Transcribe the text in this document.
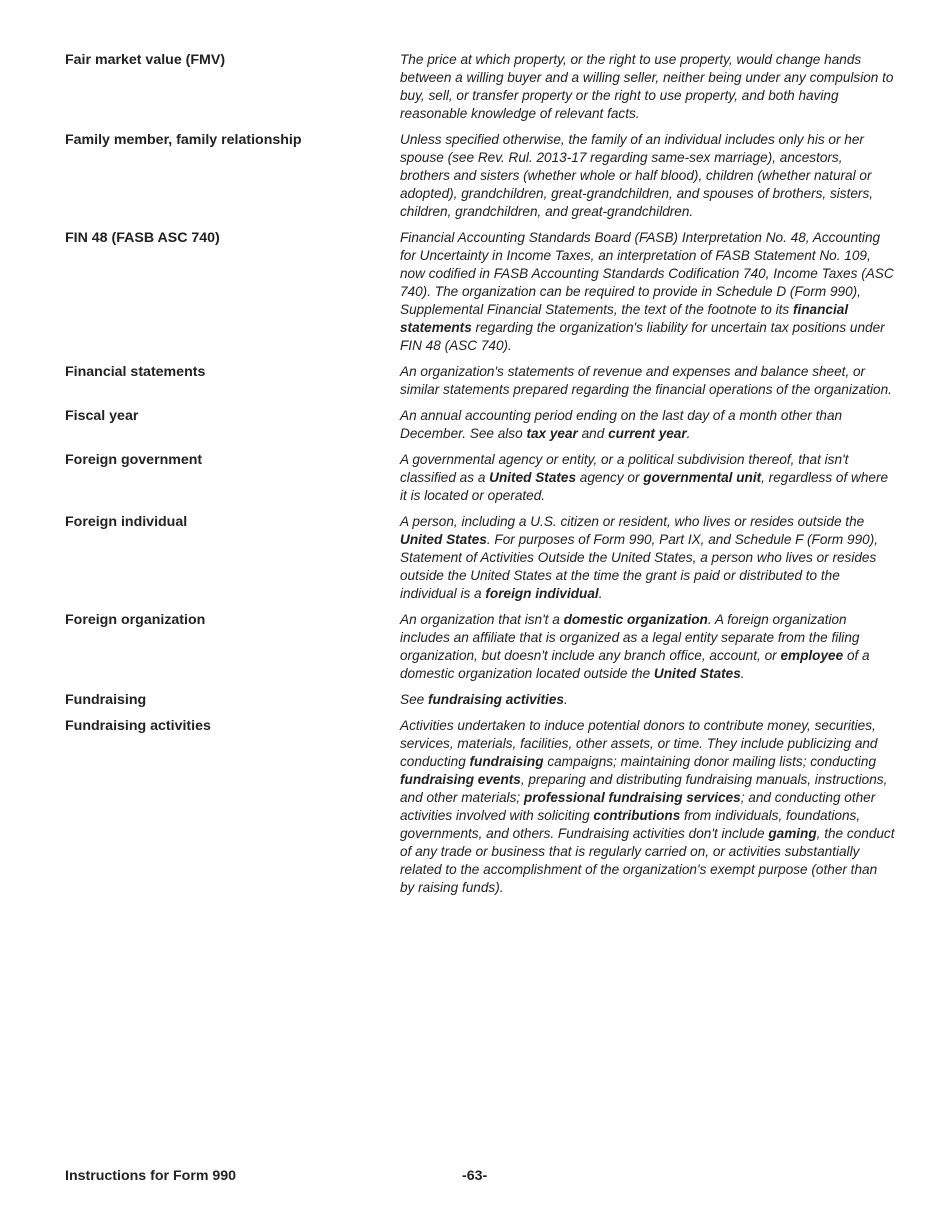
Fair market value (FMV)	The price at which property, or the right to use property, would change hands between a willing buyer and a willing seller, neither being under any compulsion to buy, sell, or transfer property or the right to use property, and both having reasonable knowledge of relevant facts.
Family member, family relationship	Unless specified otherwise, the family of an individual includes only his or her spouse (see Rev. Rul. 2013-17 regarding same-sex marriage), ancestors, brothers and sisters (whether whole or half blood), children (whether natural or adopted), grandchildren, great-grandchildren, and spouses of brothers, sisters, children, grandchildren, and great-grandchildren.
FIN 48 (FASB ASC 740)	Financial Accounting Standards Board (FASB) Interpretation No. 48, Accounting for Uncertainty in Income Taxes, an interpretation of FASB Statement No. 109, now codified in FASB Accounting Standards Codification 740, Income Taxes (ASC 740). The organization can be required to provide in Schedule D (Form 990), Supplemental Financial Statements, the text of the footnote to its financial statements regarding the organization's liability for uncertain tax positions under FIN 48 (ASC 740).
Financial statements	An organization's statements of revenue and expenses and balance sheet, or similar statements prepared regarding the financial operations of the organization.
Fiscal year	An annual accounting period ending on the last day of a month other than December. See also tax year and current year.
Foreign government	A governmental agency or entity, or a political subdivision thereof, that isn't classified as a United States agency or governmental unit, regardless of where it is located or operated.
Foreign individual	A person, including a U.S. citizen or resident, who lives or resides outside the United States. For purposes of Form 990, Part IX, and Schedule F (Form 990), Statement of Activities Outside the United States, a person who lives or resides outside the United States at the time the grant is paid or distributed to the individual is a foreign individual.
Foreign organization	An organization that isn't a domestic organization. A foreign organization includes an affiliate that is organized as a legal entity separate from the filing organization, but doesn't include any branch office, account, or employee of a domestic organization located outside the United States.
Fundraising	See fundraising activities.
Fundraising activities	Activities undertaken to induce potential donors to contribute money, securities, services, materials, facilities, other assets, or time. They include publicizing and conducting fundraising campaigns; maintaining donor mailing lists; conducting fundraising events, preparing and distributing fundraising manuals, instructions, and other materials; professional fundraising services; and conducting other activities involved with soliciting contributions from individuals, foundations, governments, and others. Fundraising activities don't include gaming, the conduct of any trade or business that is regularly carried on, or activities substantially related to the accomplishment of the organization's exempt purpose (other than by raising funds).
Instructions for Form 990	-63-
